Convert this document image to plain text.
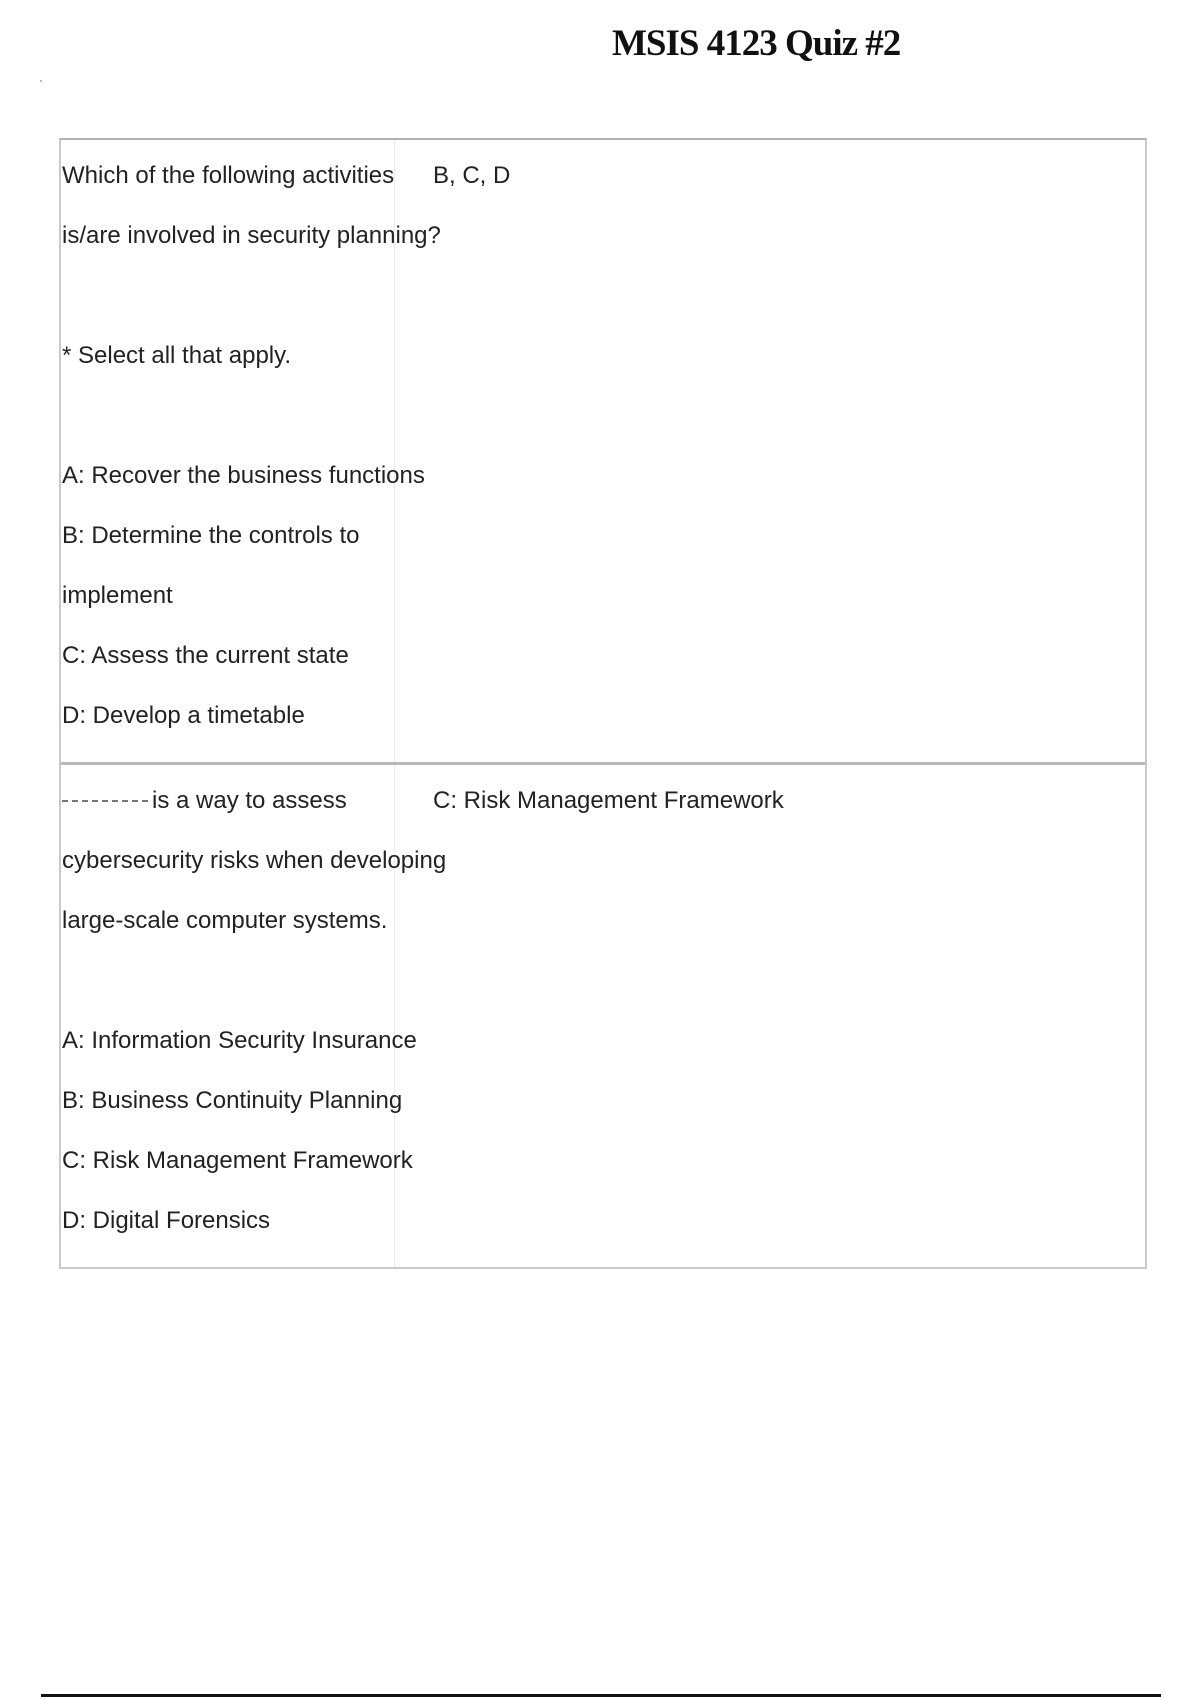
MSIS 4123 Quiz #2
Which of the following activities
is/are involved in security planning?
* Select all that apply.
A: Recover the business functions
B: Determine the controls to
implement
C: Assess the current state
D: Develop a timetable
B, C, D
is a way to assess
cybersecurity risks when developing
large-scale computer systems.
A: Information Security Insurance
B: Business Continuity Planning
C: Risk Management Framework
D: Digital Forensics
C: Risk Management Framework
